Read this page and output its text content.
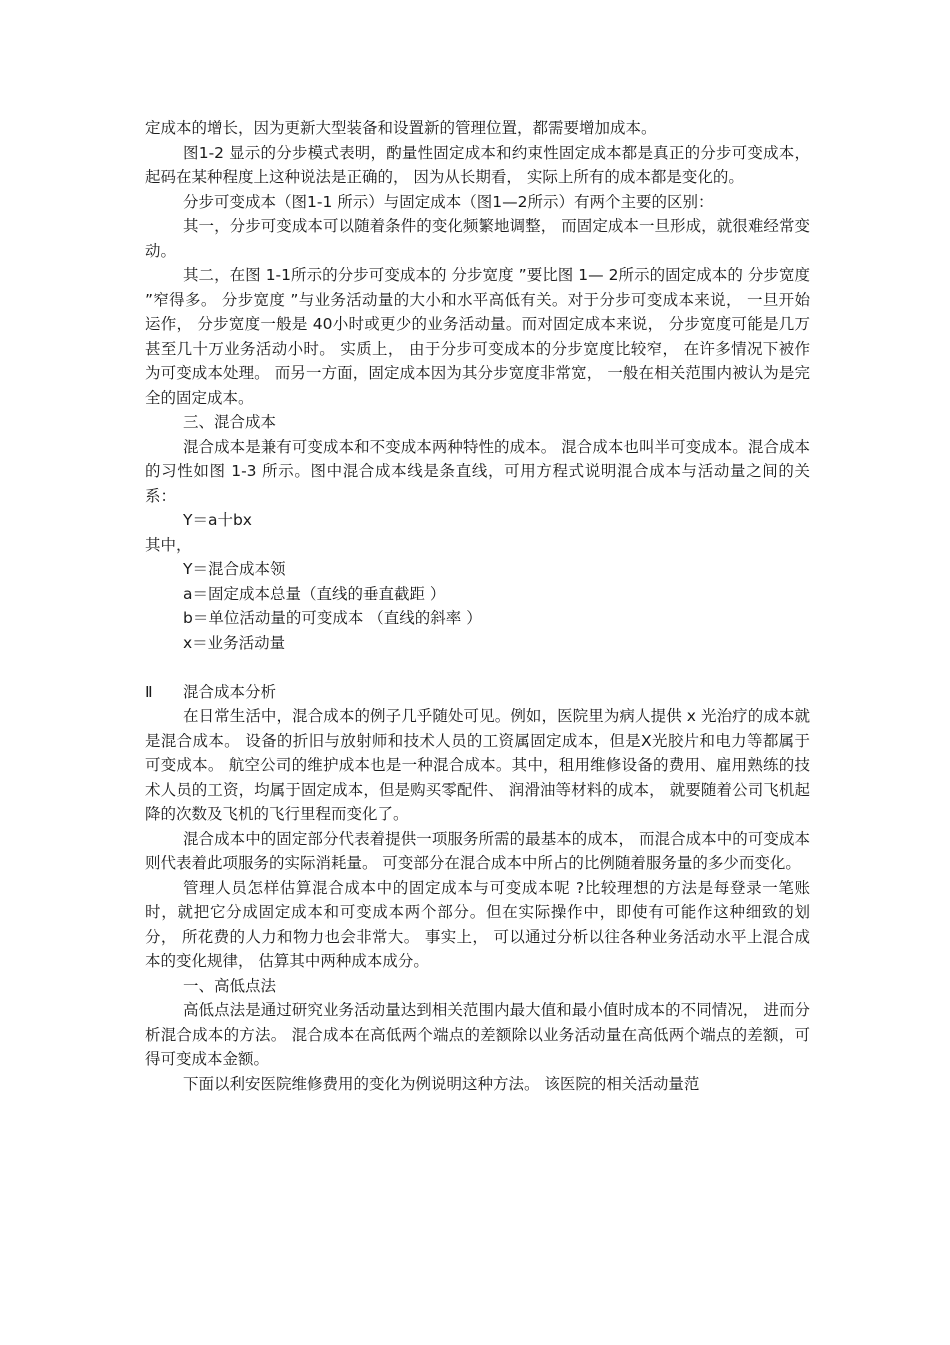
定成本的增长，因为更新大型装备和设置新的管理位置，都需要增加成本。

图1-2 显示的分步模式表明，酌量性固定成本和约束性固定成本都是真正的分步可变成本， 起码在某种程度上这种说法是正确的， 因为从长期看， 实际上所有的成本都是变化的。

分步可变成本（图1-1 所示）与固定成本（图1—2所示）有两个主要的区别：

其一，分步可变成本可以随着条件的变化频繁地调整， 而固定成本一旦形成，就很难经常变动。

其二，在图 1-1所示的分步可变成本的 分步宽度 ”要比图 1— 2所示的固定成本的 分步宽度 ”窄得多。 分步宽度 ”与业务活动量的大小和水平高低有关。对于分步可变成本来说， 一旦开始运作， 分步宽度一般是 40小时或更少的业务活动量。而对固定成本来说， 分步宽度可能是几万甚至几十万业务活动小时。 实质上， 由于分步可变成本的分步宽度比较窄， 在许多情况下被作为可变成本处理。 而另一方面，固定成本因为其分步宽度非常宽， 一般在相关范围内被认为是完全的固定成本。

三、混合成本

混合成本是兼有可变成本和不变成本两种特性的成本。 混合成本也叫半可变成本。混合成本的习性如图 1-3 所示。图中混合成本线是条直线，可用方程式说明混合成本与活动量之间的关系：

Y＝a十bx

其中，

Y＝混合成本领

a＝固定成本总量（直线的垂直截距 ）

b＝单位活动量的可变成本 （直线的斜率 ）

x＝业务活动量

Ⅱ 混合成本分析

在日常生活中，混合成本的例子几乎随处可见。例如，医院里为病人提供 x 光治疗的成本就是混合成本。 设备的折旧与放射师和技术人员的工资属固定成本，但是X光胶片和电力等都属于可变成本。 航空公司的维护成本也是一种混合成本。其中，租用维修设备的费用、雇用熟练的技术人员的工资，均属于固定成本，但是购买零配件、 润滑油等材料的成本， 就要随着公司飞机起降的次数及飞机的飞行里程而变化了。

混合成本中的固定部分代表着提供一项服务所需的最基本的成本， 而混合成本中的可变成本则代表着此项服务的实际消耗量。 可变部分在混合成本中所占的比例随着服务量的多少而变化。

管理人员怎样估算混合成本中的固定成本与可变成本呢 ?比较理想的方法是每登录一笔账时，就把它分成固定成本和可变成本两个部分。但在实际操作中，即使有可能作这种细致的划分， 所花费的人力和物力也会非常大。 事实上， 可以通过分析以往各种业务活动水平上混合成本的变化规律， 估算其中两种成本成分。

一、高低点法

高低点法是通过研究业务活动量达到相关范围内最大值和最小值时成本的不同情况， 进而分析混合成本的方法。 混合成本在高低两个端点的差额除以业务活动量在高低两个端点的差额，可得可变成本金额。

下面以利安医院维修费用的变化为例说明这种方法。 该医院的相关活动量范
